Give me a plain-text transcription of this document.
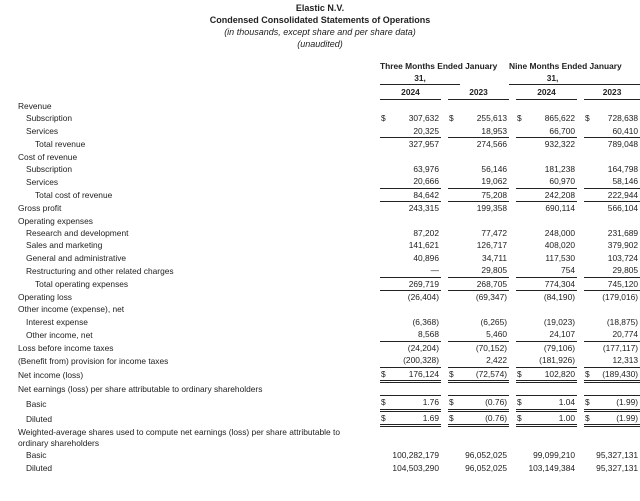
Elastic N.V.
Condensed Consolidated Statements of Operations
(in thousands, except share and per share data)
(unaudited)
	Three Months Ended January					Nine Months Ended January					
	31,					31,					
	2024			2023			2024			2023	
Revenue											
Subscription	$	307,632		$	255,613		$	865,622		$	728,638
Services		20,325			18,953			66,700			60,410
Total revenue		327,957			274,566			932,322			789,048
Cost of revenue											
Subscription		63,976			56,146			181,238			164,798
Services		20,666			19,062			60,970			58,146
Total cost of revenue		84,642			75,208			242,208			222,944
Gross profit		243,315			199,358			690,114			566,104
Operating expenses											
Research and development		87,202			77,472			248,000			231,689
Sales and marketing		141,621			126,717			408,020			379,902
General and administrative		40,896			34,711			117,530			103,724
Restructuring and other related charges		—			29,805			754			29,805
Total operating expenses		269,719			268,705			774,304			745,120
Operating loss		(26,404)			(69,347)			(84,190)			(179,016)
Other income (expense), net											
Interest expense		(6,368)			(6,265)			(19,023)			(18,875)
Other income, net		8,568			5,460			24,107			20,774
Loss before income taxes		(24,204)			(70,152)			(79,106)			(177,117)
(Benefit from) provision for income taxes		(200,328)			2,422			(181,926)			12,313
Net income (loss)	$	176,124		$	(72,574)		$	102,820		$	(189,430)
Net earnings (loss) per share attributable to ordinary shareholders											
Basic	$	1.76		$	(0.76)		$	1.04		$	(1.99)
Diluted	$	1.69		$	(0.76)		$	1.00		$	(1.99)
Weighted-average shares used to compute net earnings (loss) per share attributable to											
ordinary shareholders											
Basic		100,282,179			96,052,025			99,099,210			95,327,131
Diluted		104,503,290			96,052,025			103,149,384			95,327,131
